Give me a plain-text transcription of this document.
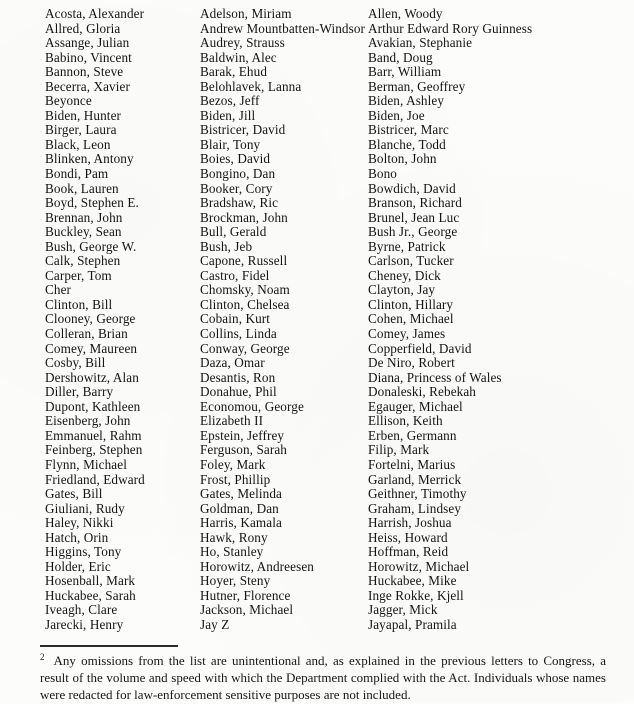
Acosta, Alexander
Allred, Gloria
Assange, Julian
Babino, Vincent
Bannon, Steve
Becerra, Xavier
Beyonce
Biden, Hunter
Birger, Laura
Black, Leon
Blinken, Antony
Bondi, Pam
Book, Lauren
Boyd, Stephen E.
Brennan, John
Buckley, Sean
Bush, George W.
Calk, Stephen
Carper, Tom
Cher
Clinton, Bill
Clooney, George
Colleran, Brian
Comey, Maureen
Cosby, Bill
Dershowitz, Alan
Diller, Barry
Dupont, Kathleen
Eisenberg, John
Emmanuel, Rahm
Feinberg, Stephen
Flynn, Michael
Friedland, Edward
Gates, Bill
Giuliani, Rudy
Haley, Nikki
Hatch, Orin
Higgins, Tony
Holder, Eric
Hosenball, Mark
Huckabee, Sarah
Iveagh, Clare
Jarecki, Henry
Adelson, Miriam
Andrew Mountbatten-Windsor
Audrey, Strauss
Baldwin, Alec
Barak, Ehud
Belohlavek, Lanna
Bezos, Jeff
Biden, Jill
Bistricer, David
Blair, Tony
Boies, David
Bongino, Dan
Booker, Cory
Bradshaw, Ric
Brockman, John
Bull, Gerald
Bush, Jeb
Capone, Russell
Castro, Fidel
Chomsky, Noam
Clinton, Chelsea
Cobain, Kurt
Collins, Linda
Conway, George
Daza, Omar
Desantis, Ron
Donahue, Phil
Economou, George
Elizabeth II
Epstein, Jeffrey
Ferguson, Sarah
Foley, Mark
Frost, Phillip
Gates, Melinda
Goldman, Dan
Harris, Kamala
Hawk, Rony
Ho, Stanley
Horowitz, Andreesen
Hoyer, Steny
Hutner, Florence
Jackson, Michael
Jay Z
Allen, Woody
Arthur Edward Rory Guinness
Avakian, Stephanie
Band, Doug
Barr, William
Berman, Geoffrey
Biden, Ashley
Biden, Joe
Bistricer, Marc
Blanche, Todd
Bolton, John
Bono
Bowdich, David
Branson, Richard
Brunel, Jean Luc
Bush Jr., George
Byrne, Patrick
Carlson, Tucker
Cheney, Dick
Clayton, Jay
Clinton, Hillary
Cohen, Michael
Comey, James
Copperfield, David
De Niro, Robert
Diana, Princess of Wales
Donaleski, Rebekah
Egauger, Michael
Ellison, Keith
Erben, Germann
Filip, Mark
Fortelni, Marius
Garland, Merrick
Geithner, Timothy
Graham, Lindsey
Harrish, Joshua
Heiss, Howard
Hoffman, Reid
Horowitz, Michael
Huckabee, Mike
Inge Rokke, Kjell
Jagger, Mick
Jayapal, Pramila

$^2$ Any omissions from the list are unintentional and, as explained in the previous letters to Congress, a result of the volume and speed with which the Department complied with the Act. Individuals whose names were redacted for law-enforcement sensitive purposes are not included.
